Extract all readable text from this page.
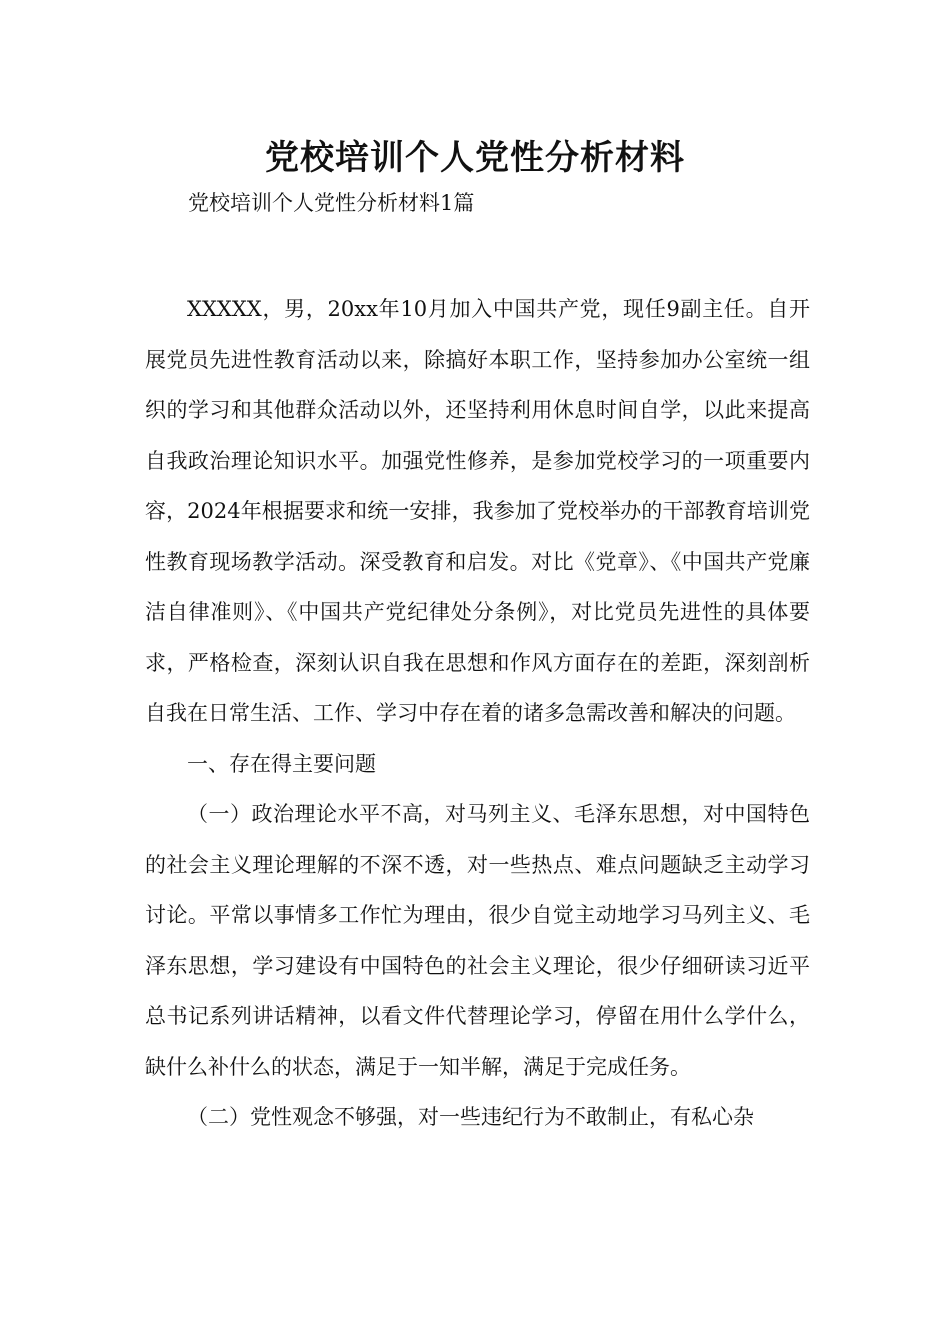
党校培训个人党性分析材料
党校培训个人党性分析材料1篇

XXXXX，男，20xx年10月加入中国共产党，现任9副主任。自开展党员先进性教育活动以来，除搞好本职工作，坚持参加办公室统一组织的学习和其他群众活动以外，还坚持利用休息时间自学，以此来提高自我政治理论知识水平。加强党性修养，是参加党校学习的一项重要内容，2024年根据要求和统一安排，我参加了党校举办的干部教育培训党性教育现场教学活动。深受教育和启发。对比《党章》、《中国共产党廉洁自律准则》、《中国共产党纪律处分条例》，对比党员先进性的具体要求，严格检查，深刻认识自我在思想和作风方面存在的差距，深刻剖析自我在日常生活、工作、学习中存在着的诸多急需改善和解决的问题。

一、存在得主要问题

（一）政治理论水平不高，对马列主义、毛泽东思想，对中国特色的社会主义理论理解的不深不透，对一些热点、难点问题缺乏主动学习讨论。平常以事情多工作忙为理由，很少自觉主动地学习马列主义、毛泽东思想，学习建设有中国特色的社会主义理论，很少仔细研读习近平总书记系列讲话精神，以看文件代替理论学习，停留在用什么学什么，缺什么补什么的状态，满足于一知半解，满足于完成任务。

（二）党性观念不够强，对一些违纪行为不敢制止，有私心杂
